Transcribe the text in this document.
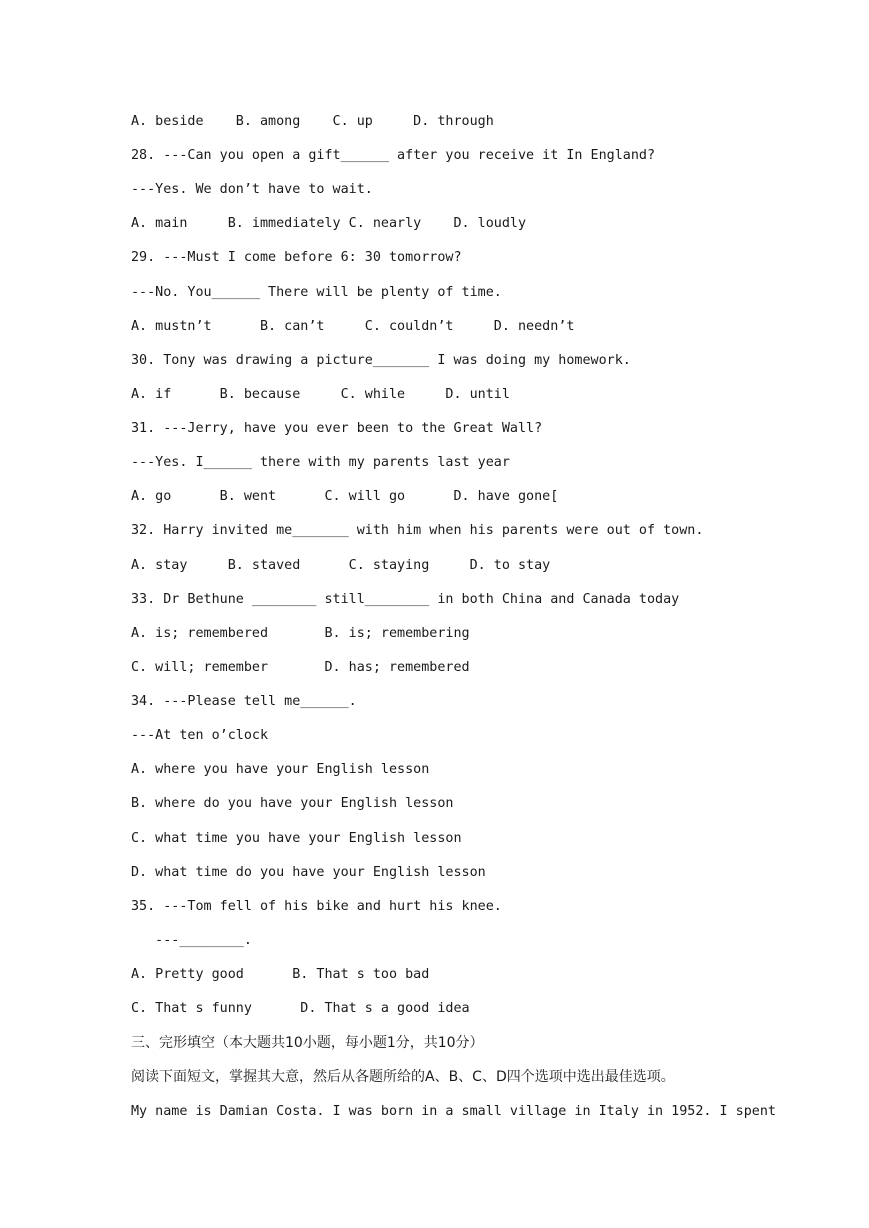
A. beside    B. among    C. up     D. through
28. ---Can you open a gift______ after you receive it In England?
---Yes. We don’t have to wait.
A. main     B. immediately C. nearly    D. loudly
29. ---Must I come before 6: 30 tomorrow?
---No. You______ There will be plenty of time.
A. mustn’t      B. can’t     C. couldn’t     D. needn’t
30. Tony was drawing a picture_______ I was doing my homework.
A. if      B. because     C. while     D. until
31. ---Jerry, have you ever been to the Great Wall?
---Yes. I______ there with my parents last year
A. go      B. went      C. will go      D. have gone[
32. Harry invited me_______ with him when his parents were out of town.
A. stay     B. staved      C. staying     D. to stay
33. Dr Bethune ________ still________ in both China and Canada today
A. is; remembered       B. is; remembering
C. will; remember       D. has; remembered
34. ---Please tell me______.
---At ten o’clock
A. where you have your English lesson
B. where do you have your English lesson
C. what time you have your English lesson
D. what time do you have your English lesson
35. ---Tom fell of his bike and hurt his knee.
---________.
A. Pretty good      B. That s too bad
C. That s funny      D. That s a good idea
三、完形填空（本大题共10小题，每小题1分，共10分）
阅读下面短文，掌握其大意，然后从各题所给的A、B、C、D四个选项中选出最佳选项。
My name is Damian Costa. I was born in a small village in Italy in 1952. I spent
